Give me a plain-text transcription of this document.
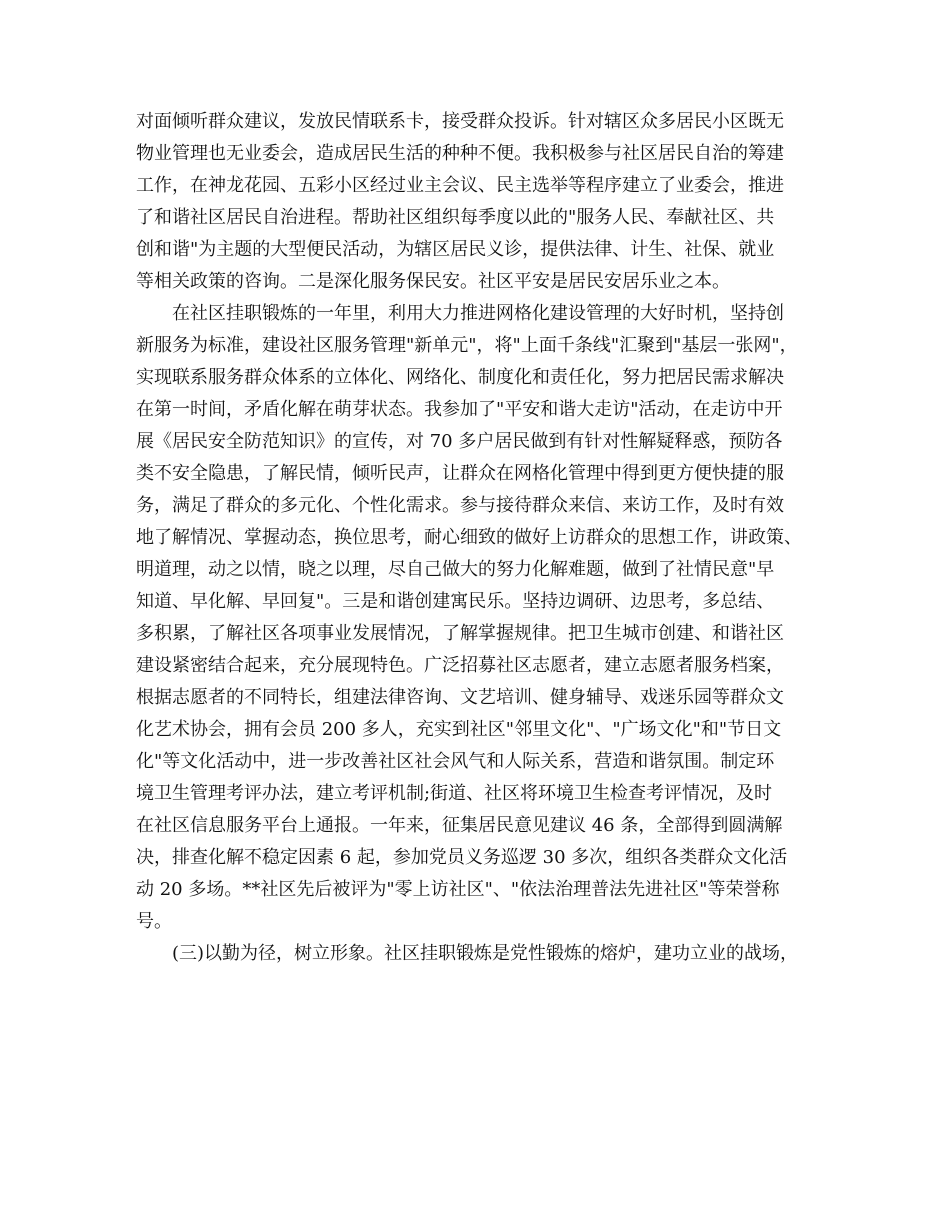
对面倾听群众建议，发放民情联系卡，接受群众投诉。针对辖区众多居民小区既无
物业管理也无业委会，造成居民生活的种种不便。我积极参与社区居民自治的筹建
工作，在神龙花园、五彩小区经过业主会议、民主选举等程序建立了业委会，推进
了和谐社区居民自治进程。帮助社区组织每季度以此的"服务人民、奉献社区、共
创和谐"为主题的大型便民活动，为辖区居民义诊，提供法律、计生、社保、就业
等相关政策的咨询。二是深化服务保民安。社区平安是居民安居乐业之本。

在社区挂职锻炼的一年里，利用大力推进网格化建设管理的大好时机，坚持创
新服务为标准，建设社区服务管理"新单元"，将"上面千条线"汇聚到"基层一张网"，
实现联系服务群众体系的立体化、网络化、制度化和责任化，努力把居民需求解决
在第一时间，矛盾化解在萌芽状态。我参加了"平安和谐大走访"活动，在走访中开
展《居民安全防范知识》的宣传，对 70 多户居民做到有针对性解疑释惑，预防各
类不安全隐患，了解民情，倾听民声，让群众在网格化管理中得到更方便快捷的服
务，满足了群众的多元化、个性化需求。参与接待群众来信、来访工作，及时有效
地了解情况、掌握动态，换位思考，耐心细致的做好上访群众的思想工作，讲政策、
明道理，动之以情，晓之以理，尽自己做大的努力化解难题，做到了社情民意"早
知道、早化解、早回复"。三是和谐创建寓民乐。坚持边调研、边思考，多总结、
多积累，了解社区各项事业发展情况，了解掌握规律。把卫生城市创建、和谐社区
建设紧密结合起来，充分展现特色。广泛招募社区志愿者，建立志愿者服务档案，
根据志愿者的不同特长，组建法律咨询、文艺培训、健身辅导、戏迷乐园等群众文
化艺术协会，拥有会员 200 多人，充实到社区"邻里文化"、"广场文化"和"节日文
化"等文化活动中，进一步改善社区社会风气和人际关系，营造和谐氛围。制定环
境卫生管理考评办法，建立考评机制;街道、社区将环境卫生检查考评情况，及时
在社区信息服务平台上通报。一年来，征集居民意见建议 46 条，全部得到圆满解
决，排查化解不稳定因素 6 起，参加党员义务巡逻 30 多次，组织各类群众文化活
动 20 多场。**社区先后被评为"零上访社区"、"依法治理普法先进社区"等荣誉称
号。

(三)以勤为径，树立形象。社区挂职锻炼是党性锻炼的熔炉，建功立业的战场，
